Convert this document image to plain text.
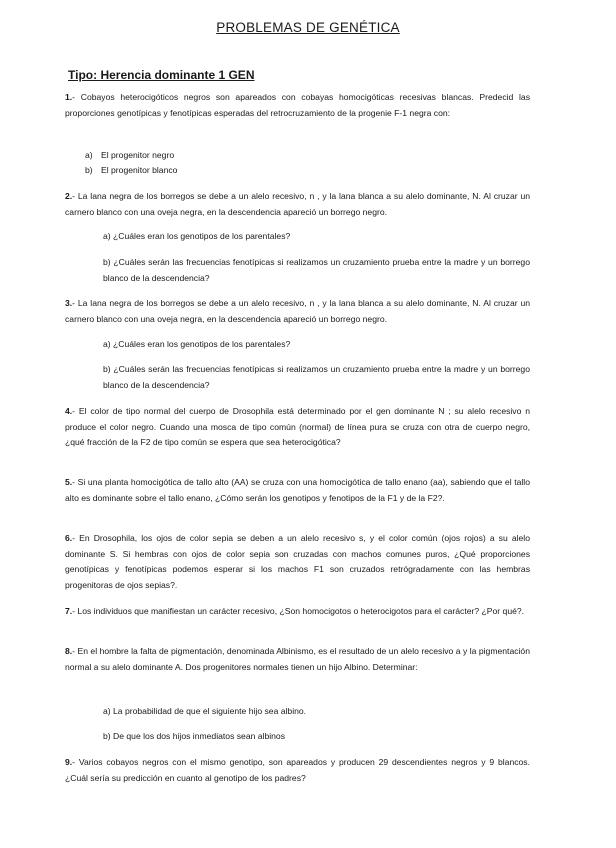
PROBLEMAS DE GENÉTICA
Tipo: Herencia dominante 1 GEN
1.- Cobayos heterocigóticos negros son apareados con cobayas homocigóticas recesivas blancas. Predecid las proporciones genotípicas y fenotípicas esperadas del retrocruzamiento de la progenie F-1 negra con:
a) El progenitor negro
b) El progenitor blanco
2.- La lana negra de los borregos se debe a un alelo recesivo, n , y la lana blanca a su alelo dominante, N. Al cruzar un carnero blanco con una oveja negra, en la descendencia apareció un borrego negro.
a) ¿Cuáles eran los genotipos de los parentales?
b) ¿Cuáles serán las frecuencias fenotípicas si realizamos un cruzamiento prueba entre la madre y un borrego blanco de la descendencia?
3.- La lana negra de los borregos se debe a un alelo recesivo, n , y la lana blanca a su alelo dominante, N. Al cruzar un carnero blanco con una oveja negra, en la descendencia apareció un borrego negro.
a) ¿Cuáles eran los genotipos de los parentales?
b) ¿Cuáles serán las frecuencias fenotípicas si realizamos un cruzamiento prueba entre la madre y un borrego blanco de la descendencia?
4.- El color de tipo normal del cuerpo de Drosophila está determinado por el gen dominante N ; su alelo recesivo n produce el color negro. Cuando una mosca de tipo común (normal) de línea pura se cruza con otra de cuerpo negro, ¿qué fracción de la F2 de tipo común se espera que sea heterocigótica?
5.- Si una planta homocigótica de tallo alto (AA) se cruza con una homocigótica de tallo enano (aa), sabiendo que el tallo alto es dominante sobre el tallo enano, ¿Cómo serán los genotipos y fenotipos de la F1 y de la F2?.
6.- En Drosophila, los ojos de color sepia se deben a un alelo recesivo s, y el color común (ojos rojos) a su alelo dominante S. Si hembras con ojos de color sepia son cruzadas con machos comunes puros, ¿Qué proporciones genotípicas y fenotípicas podemos esperar si los machos F1 son cruzados retrógradamente con las hembras progenitoras de ojos sepias?.
7.- Los individuos que manifiestan un carácter recesivo, ¿Son homocigotos o heterocigotos para el carácter? ¿Por qué?.
8.- En el hombre la falta de pigmentación, denominada Albinismo, es el resultado de un alelo recesivo a y la pigmentación normal a su alelo dominante A. Dos progenitores normales tienen un hijo Albino. Determinar:
a) La probabilidad de que el siguiente hijo sea albino.
b) De que los dos hijos inmediatos sean albinos
9.- Varios cobayos negros con el mismo genotipo, son apareados y producen 29 descendientes negros y 9 blancos. ¿Cuál sería su predicción en cuanto al genotipo de los padres?
